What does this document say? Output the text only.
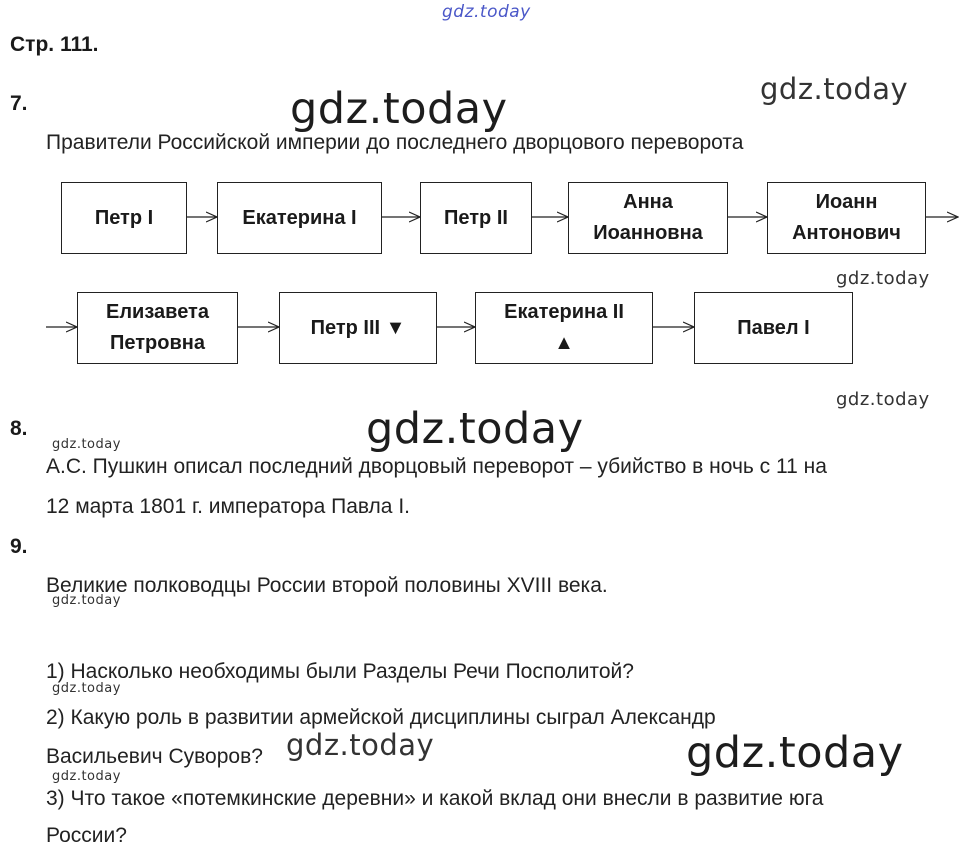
gdz.today
gdz.today	gdz.today
gdz.today
gdz.today
gdz.today
gdz.today
gdz.today
gdz.today
gdz.today	gdz.today
gdz.today
Стр. 111.
7.
Правители Российской империи до последнего дворцового переворота
Петр I	Екатерина I	Петр II
Анна
Иоанновна
Иоанн
Антонович
Елизавета
Петровна
Петр III ▼
Екатерина II
▲
Павел I
8.
А.С. Пушкин описал последний дворцовый переворот – убийство в ночь с 11 на
12 марта 1801 г. императора Павла I.
9.
Великие полководцы России второй половины XVIII века.
1) Насколько необходимы были Разделы Речи Посполитой?
2) Какую роль в развитии армейской дисциплины сыграл Александр
Васильевич Суворов?
3) Что такое «потемкинские деревни» и какой вклад они внесли в развитие юга
России?
